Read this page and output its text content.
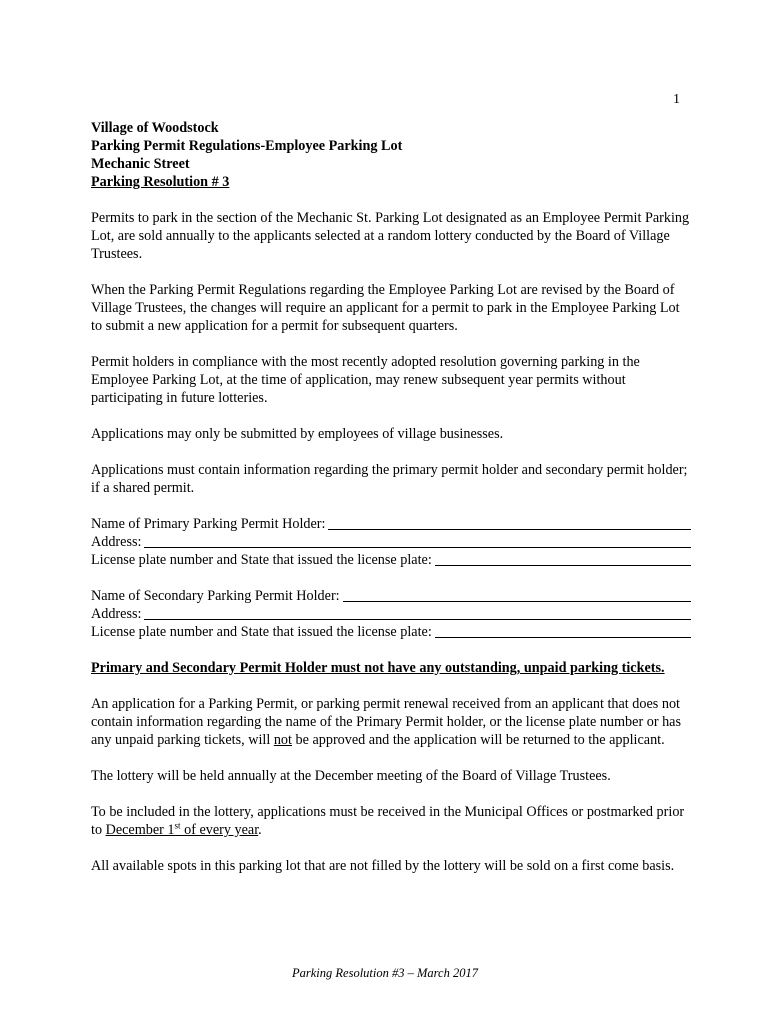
1
Village of Woodstock
Parking Permit Regulations-Employee Parking Lot
Mechanic Street
Parking Resolution # 3

Permits to park in the section of the Mechanic St. Parking Lot designated as an Employee Permit Parking Lot, are sold annually to the applicants selected at a random lottery conducted by the Board of Village Trustees.

When the Parking Permit Regulations regarding the Employee Parking Lot are revised by the Board of Village Trustees, the changes will require an applicant for a permit to park in the Employee Parking Lot to submit a new application for a permit for subsequent quarters.

Permit holders in compliance with the most recently adopted resolution governing parking in the Employee Parking Lot, at the time of application, may renew subsequent year permits without participating in future lotteries.

Applications may only be submitted by employees of village businesses.

Applications must contain information regarding the primary permit holder and secondary permit holder; if a shared permit.

Name of Primary Parking Permit Holder:
Address:
License plate number and State that issued the license plate:
Name of Secondary Parking Permit Holder:
Address:
License plate number and State that issued the license plate:

Primary and Secondary Permit Holder must not have any outstanding, unpaid parking tickets.

An application for a Parking Permit, or parking permit renewal received from an applicant that does not contain information regarding the name of the Primary Permit holder, or the license plate number or has any unpaid parking tickets, will not be approved and the application will be returned to the applicant.

The lottery will be held annually at the December meeting of the Board of Village Trustees.

To be included in the lottery, applications must be received in the Municipal Offices or postmarked prior to December 1st of every year.

All available spots in this parking lot that are not filled by the lottery will be sold on a first come basis.

Parking Resolution #3 – March 2017
